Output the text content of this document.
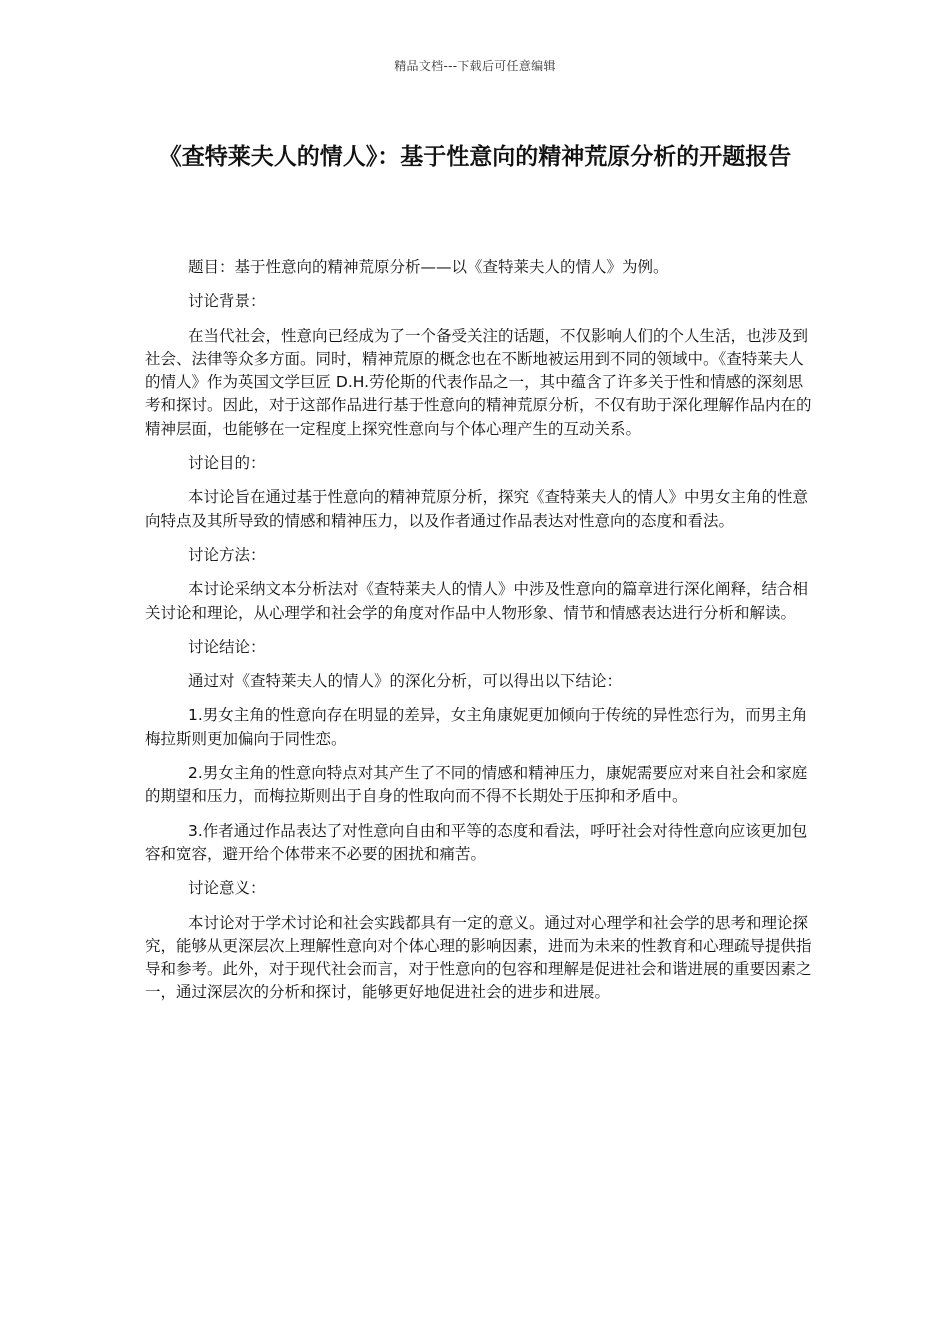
精品文档---下载后可任意编辑
《查特莱夫人的情人》：基于性意向的精神荒原分析的开题报告

题目：基于性意向的精神荒原分析——以《查特莱夫人的情人》为例。

讨论背景：

在当代社会，性意向已经成为了一个备受关注的话题，不仅影响人们的个人生活，也涉及到社会、法律等众多方面。同时，精神荒原的概念也在不断地被运用到不同的领域中。《查特莱夫人的情人》作为英国文学巨匠 D.H.劳伦斯的代表作品之一，其中蕴含了许多关于性和情感的深刻思考和探讨。因此，对于这部作品进行基于性意向的精神荒原分析，不仅有助于深化理解作品内在的精神层面，也能够在一定程度上探究性意向与个体心理产生的互动关系。

讨论目的：

本讨论旨在通过基于性意向的精神荒原分析，探究《查特莱夫人的情人》中男女主角的性意向特点及其所导致的情感和精神压力，以及作者通过作品表达对性意向的态度和看法。

讨论方法：

本讨论采纳文本分析法对《查特莱夫人的情人》中涉及性意向的篇章进行深化阐释，结合相关讨论和理论，从心理学和社会学的角度对作品中人物形象、情节和情感表达进行分析和解读。

讨论结论：

通过对《查特莱夫人的情人》的深化分析，可以得出以下结论：

1.男女主角的性意向存在明显的差异，女主角康妮更加倾向于传统的异性恋行为，而男主角梅拉斯则更加偏向于同性恋。

2.男女主角的性意向特点对其产生了不同的情感和精神压力，康妮需要应对来自社会和家庭的期望和压力，而梅拉斯则出于自身的性取向而不得不长期处于压抑和矛盾中。

3.作者通过作品表达了对性意向自由和平等的态度和看法，呼吁社会对待性意向应该更加包容和宽容，避开给个体带来不必要的困扰和痛苦。

讨论意义：

本讨论对于学术讨论和社会实践都具有一定的意义。通过对心理学和社会学的思考和理论探究，能够从更深层次上理解性意向对个体心理的影响因素，进而为未来的性教育和心理疏导提供指导和参考。此外，对于现代社会而言，对于性意向的包容和理解是促进社会和谐进展的重要因素之一，通过深层次的分析和探讨，能够更好地促进社会的进步和进展。
